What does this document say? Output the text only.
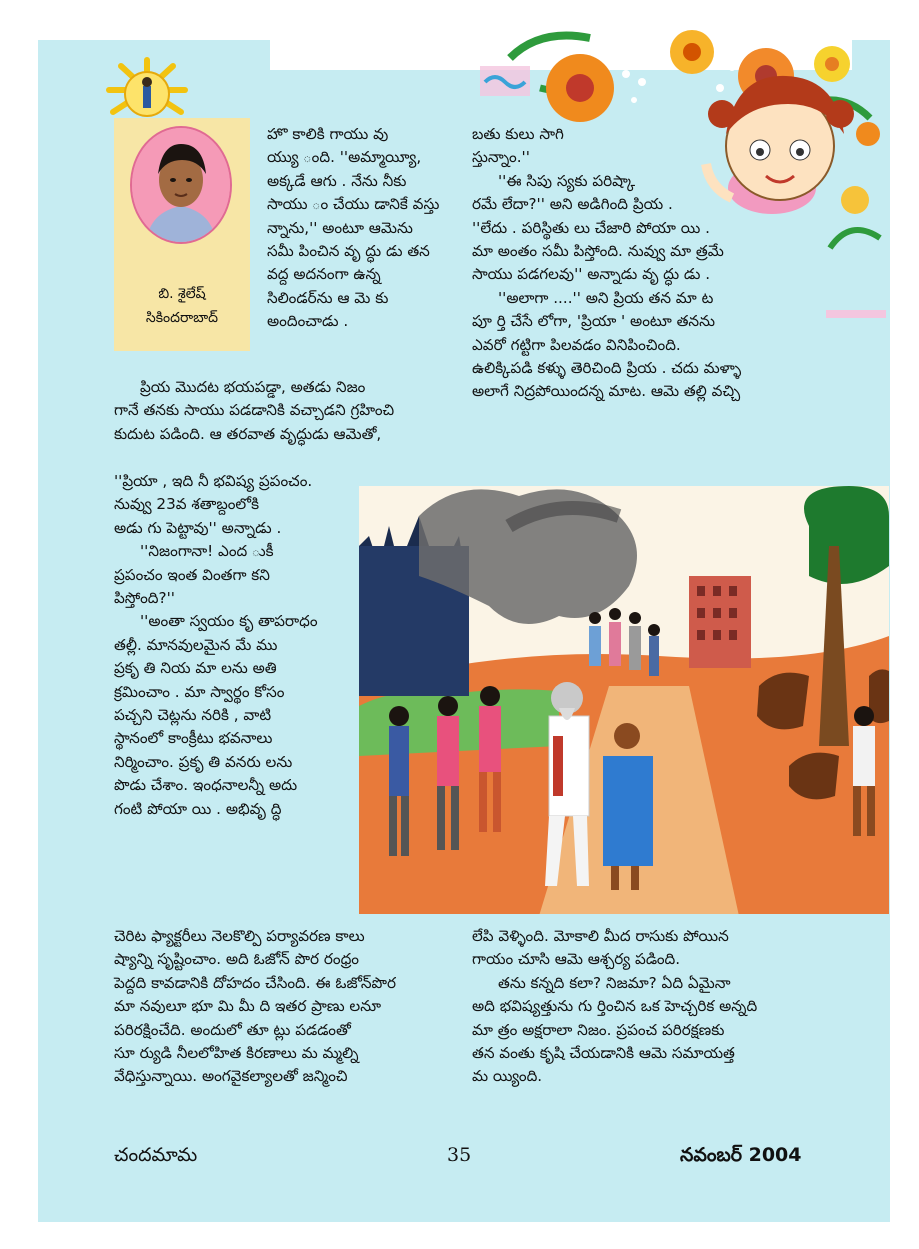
బి. శైలేష్
సికిందరాబాద్

హొ కాలికి గాయు వు

య్యు ంది. ''అమ్మాయ్యీ,

అక్కడే ఆగు . నేను నీకు

సాయు ం చేయు డానికే వస్తు

న్నాను,'' అంటూ ఆమెను

సమీ పించిన వృ ద్ధు డు తన

వద్ద అదనంగా ఉన్న

సిలిండర్‌ను ఆ మె కు

అందించాడు .

బతు కులు సాగి

స్తున్నాం.''

''ఈ సిపు స్యకు పరిష్కా

రమే లేదా?'' అని అడిగింది ప్రియ .

''లేదు . పరిస్థితు లు చేజారి పోయా యి .

మా అంతం సమీ పిస్తోంది. నువ్వు మా త్రమే

సాయు పడగలవు'' అన్నాడు వృ ద్ధు డు .

''అలాగా ....'' అని ప్రియ తన మా ట

పూ ర్తి చేసే లోగా, 'ప్రియా ' అంటూ తనను

ఎవరో గట్టిగా పిలవడం వినిపించింది.

ఉలిక్కిపడి కళ్ళు తెరిచింది ప్రియ . చదు మళ్ళా

అలాగే నిద్రపోయిందన్న మాట. ఆమె తల్లి వచ్చి

ప్రియ మొదట భయపడ్డా, అతడు నిజం

గానే తనకు సాయు పడడానికి వచ్చాడని గ్రహించి

కుదుట పడింది. ఆ తరవాత వృద్ధుడు ఆమెతో,

''ప్రియా , ఇది నీ భవిష్య ప్రపంచం.

నువ్వు 23వ శతాబ్దంలోకి

అడు గు పెట్టావు'' అన్నాడు .

''నిజంగానా! ఎంద ుకీ

ప్రపంచం ఇంత వింతగా కని

పిస్తోంది?''

''అంతా స్వయం కృ తాపరాధం

తల్లీ. మానవులమైన మే ము

ప్రకృ తి నియ మా లను అతి

క్రమించాం . మా స్వార్థం కోసం

పచ్చని చెట్లను నరికి , వాటి

స్థానంలో కాంక్రీటు భవనాలు

నిర్మించాం. ప్రకృ తి వనరు లను

పొడు చేశాం. ఇంధనాలన్నీ అదు

గంటి పోయా యి . అభివృ ద్ధి

చెరిట ఫ్యాక్టరీలు నెలకొల్పి పర్యావరణ కాలు

ష్యాన్ని సృష్టించాం. అది ఓజోన్ పొర రంధ్రం

పెద్దది కావడానికి దోహదం చేసింది. ఈ ఓజోన్‌పొర

మా నవులూ భూ మి మీ ది ఇతర ప్రాణు లనూ

పరిరక్షించేది. అందులో తూ ట్లు పడడంతో

సూ ర్యుడి నీలలోహిత కిరణాలు మ మ్మల్ని

వేధిస్తున్నాయి. అంగవైకల్యాలతో జన్మించి

లేపి వెళ్ళింది. మోకాలి మీద రాసుకు పోయిన

గాయం చూసి ఆమె ఆశ్చర్య పడింది.

తను కన్నది కలా? నిజమా? ఏది ఏమైనా

అది భవిష్యత్తును గు ర్తించిన ఒక హెచ్చరిక అన్నది

మా త్రం అక్షరాలా నిజం. ప్రపంచ పరిరక్షణకు

తన వంతు కృషి చేయడానికి ఆమె సమాయత్త

మ య్యింది.

చందమామ	35	నవంబర్ 2004
